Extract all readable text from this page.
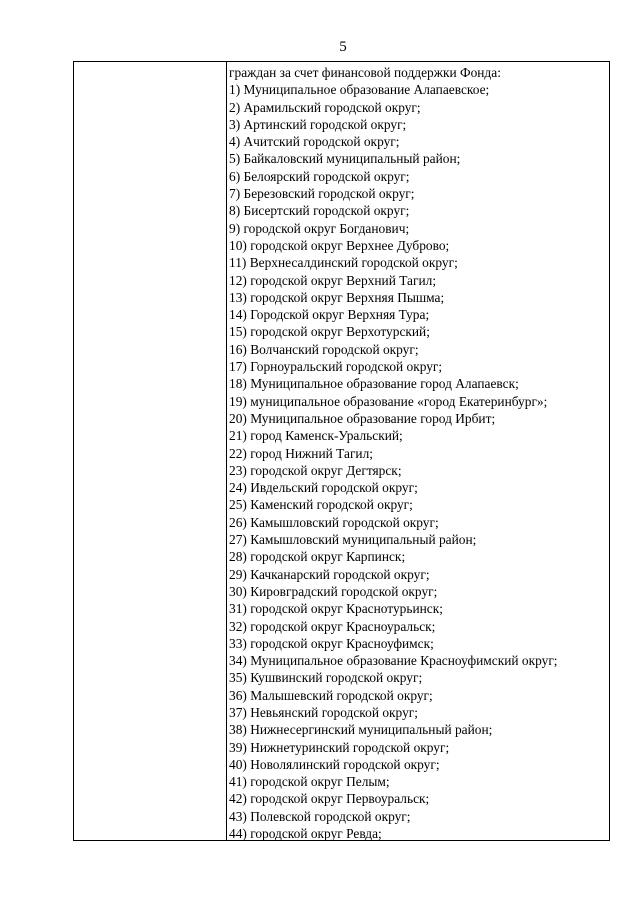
5
граждан за счет финансовой поддержки Фонда:
1) Муниципальное образование Алапаевское;
2) Арамильский городской округ;
3) Артинский городской округ;
4) Ачитский городской округ;
5) Байкаловский муниципальный район;
6) Белоярский городской округ;
7) Березовский городской округ;
8) Бисертский городской округ;
9) городской округ Богданович;
10) городской округ Верхнее Дуброво;
11) Верхнесалдинский городской округ;
12) городской округ Верхний Тагил;
13) городской округ Верхняя Пышма;
14) Городской округ Верхняя Тура;
15) городской округ Верхотурский;
16) Волчанский городской округ;
17) Горноуральский городской округ;
18) Муниципальное образование город Алапаевск;
19) муниципальное образование «город Екатеринбург»;
20) Муниципальное образование город Ирбит;
21) город Каменск-Уральский;
22) город Нижний Тагил;
23) городской округ Дегтярск;
24) Ивдельский городской округ;
25) Каменский городской округ;
26) Камышловский городской округ;
27) Камышловский муниципальный район;
28) городской округ Карпинск;
29) Качканарский городской округ;
30) Кировградский городской округ;
31) городской округ Краснотурьинск;
32) городской округ Красноуральск;
33) городской округ Красноуфимск;
34) Муниципальное образование Красноуфимский округ;
35) Кушвинский городской округ;
36) Малышевский городской округ;
37) Невьянский городской округ;
38) Нижнесергинский муниципальный район;
39) Нижнетуринский городской округ;
40) Новолялинский городской округ;
41) городской округ Пелым;
42) городской округ Первоуральск;
43) Полевской городской округ;
44) городской округ Ревда;
